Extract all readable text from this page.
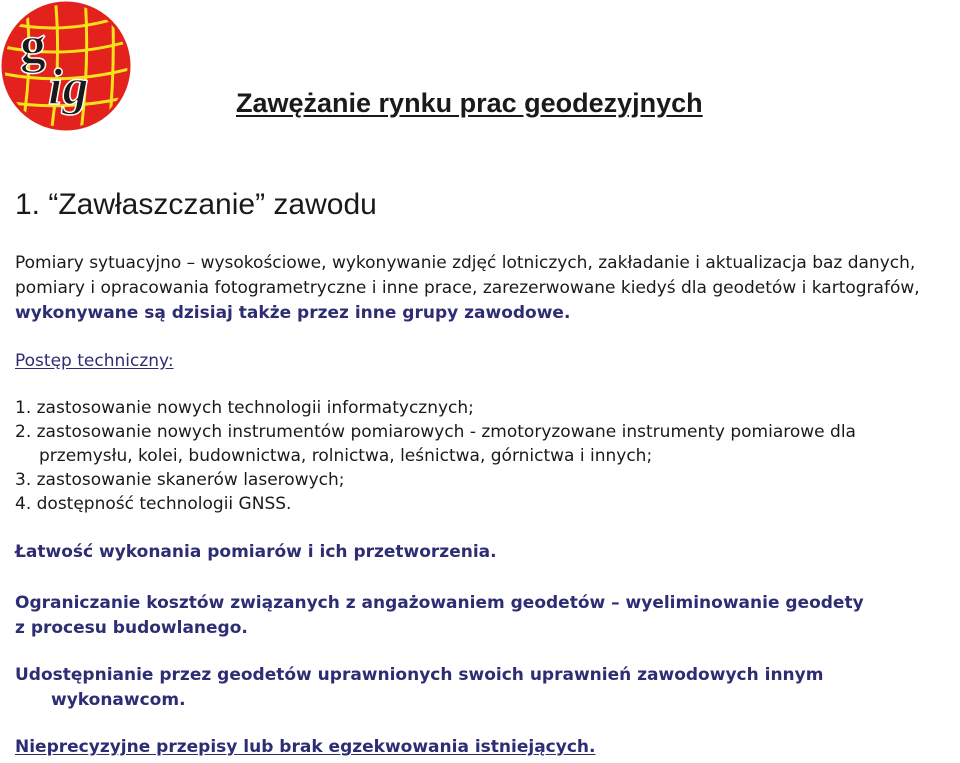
g
ig	Zawężanie rynku prac geodezyjnych
1. “Zawłaszczanie” zawodu

Pomiary sytuacyjno – wysokościowe, wykonywanie zdjęć lotniczych, zakładanie i aktualizacja baz danych, pomiary i opracowania fotogrametryczne i inne prace, zarezerwowane kiedyś dla geodetów i kartografów, wykonywane są dzisiaj także przez inne grupy zawodowe.

Postęp techniczny:

1. zastosowanie nowych technologii informatycznych;
2. zastosowanie nowych instrumentów pomiarowych - zmotoryzowane instrumenty pomiarowe dla
przemysłu, kolei, budownictwa, rolnictwa, leśnictwa, górnictwa i innych;
3. zastosowanie skanerów laserowych;
4. dostępność technologii GNSS.

Łatwość wykonania pomiarów i ich przetworzenia.

Ograniczanie kosztów związanych z angażowaniem geodetów – wyeliminowanie geodety
z procesu budowlanego.

Udostępnianie przez geodetów uprawnionych swoich uprawnień zawodowych innym
wykonawcom.

Nieprecyzyjne przepisy lub brak egzekwowania istniejących.
